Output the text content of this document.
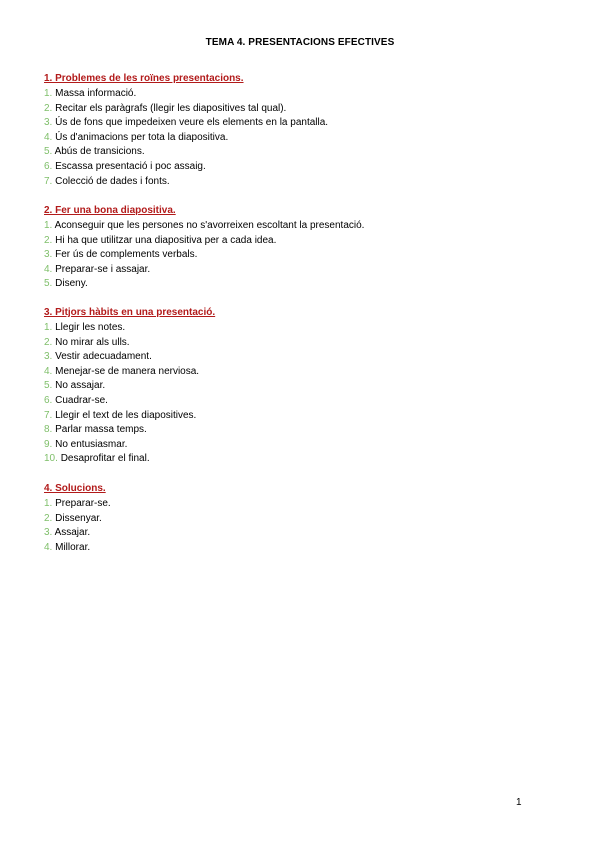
TEMA 4. PRESENTACIONS EFECTIVES
1. Problemes de les roïnes presentacions.
1. Massa informació.
2. Recitar els paràgrafs (llegir les diapositives tal qual).
3. Ús de fons que impedeixen veure els elements en la pantalla.
4. Ús d'animacions per tota la diapositiva.
5. Abús de transicions.
6. Escassa presentació i poc assaig.
7. Colecció de dades i fonts.
2. Fer una bona diapositiva.
1. Aconseguir que les persones no s'avorreixen escoltant la presentació.
2. Hi ha que utilitzar una diapositiva per a cada idea.
3. Fer ús de complements verbals.
4. Preparar-se i assajar.
5. Diseny.
3. Pitjors hàbits en una presentació.
1. Llegir les notes.
2. No mirar als ulls.
3. Vestir adecuadament.
4. Menejar-se de manera nerviosa.
5. No assajar.
6. Cuadrar-se.
7. Llegir el text de les diapositives.
8. Parlar massa temps.
9. No entusiasmar.
10. Desaprofitar el final.
4. Solucions.
1. Preparar-se.
2. Dissenyar.
3. Assajar.
4. Millorar.
1
